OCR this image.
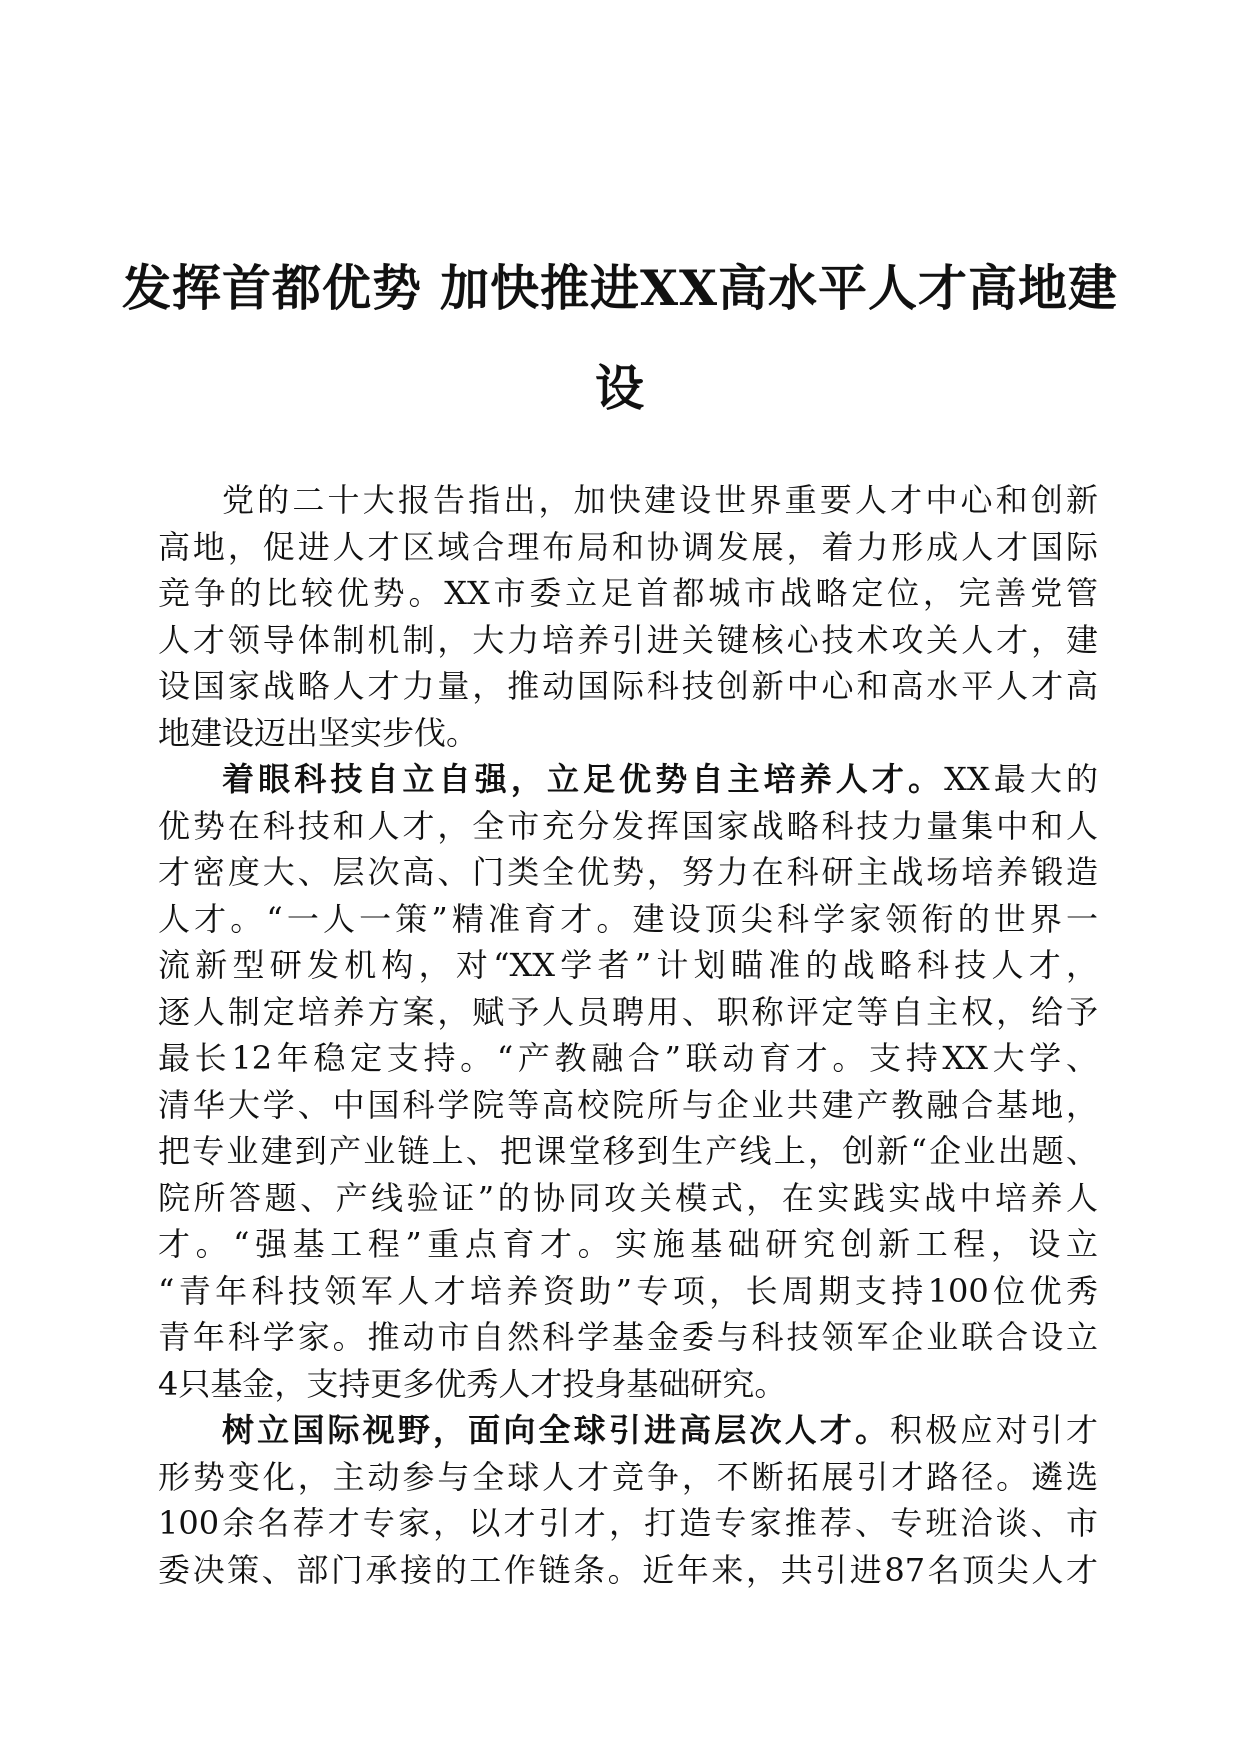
发挥首都优势 加快推进XX高水平人才高地建
设

党的二十大报告指出，加快建设世界重要人才中心和创新
高地，促进人才区域合理布局和协调发展，着力形成人才国际
竞争的比较优势。XX市委立足首都城市战略定位，完善党管
人才领导体制机制，大力培养引进关键核心技术攻关人才，建
设国家战略人才力量，推动国际科技创新中心和高水平人才高
地建设迈出坚实步伐。

着眼科技自立自强，立足优势自主培养人才。XX最大的
优势在科技和人才，全市充分发挥国家战略科技力量集中和人
才密度大、层次高、门类全优势，努力在科研主战场培养锻造
人才。“一人一策”精准育才。建设顶尖科学家领衔的世界一
流新型研发机构，对“XX学者”计划瞄准的战略科技人才，
逐人制定培养方案，赋予人员聘用、职称评定等自主权，给予
最长12年稳定支持。“产教融合”联动育才。支持XX大学、
清华大学、中国科学院等高校院所与企业共建产教融合基地，
把专业建到产业链上、把课堂移到生产线上，创新“企业出题、
院所答题、产线验证”的协同攻关模式，在实践实战中培养人
才。“强基工程”重点育才。实施基础研究创新工程，设立
“青年科技领军人才培养资助”专项，长周期支持100位优秀
青年科学家。推动市自然科学基金委与科技领军企业联合设立
4只基金，支持更多优秀人才投身基础研究。

树立国际视野，面向全球引进高层次人才。积极应对引才
形势变化，主动参与全球人才竞争，不断拓展引才路径。遴选
100余名荐才专家，以才引才，打造专家推荐、专班洽谈、市
委决策、部门承接的工作链条。近年来，共引进87名顶尖人才
